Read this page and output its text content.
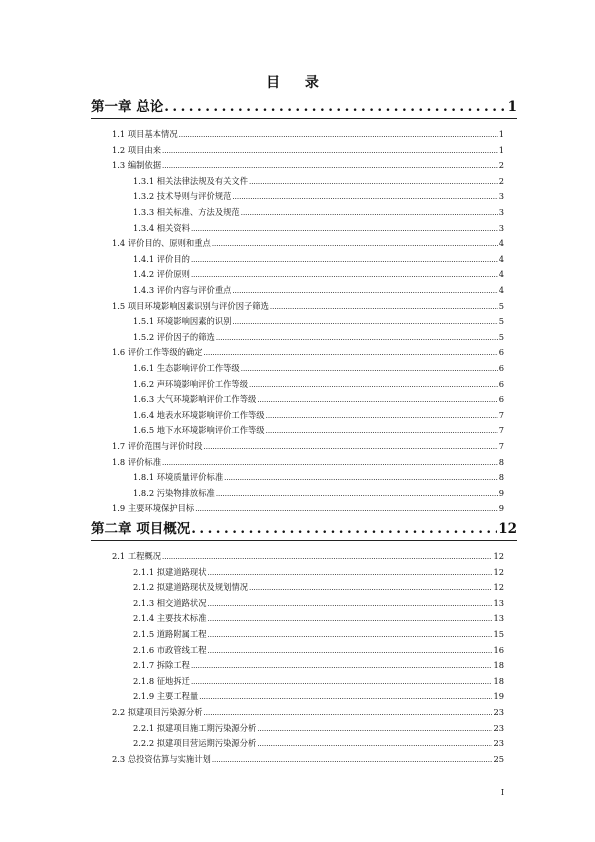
目 录
第一章 总论 .....	1
1.1 项目基本情况 .....	1
1.2 项目由来 .....	1
1.3 编制依据 .....	2
1.3.1 相关法律法规及有关文件 .....	2
1.3.2 技术导则与评价规范 .....	3
1.3.3 相关标准、方法及规范 .....	3
1.3.4 相关资料 .....	3
1.4 评价目的、原则和重点 .....	4
1.4.1 评价目的 .....	4
1.4.2 评价原则 .....	4
1.4.3 评价内容与评价重点 .....	4
1.5 项目环境影响因素识别与评价因子筛选 .....	5
1.5.1 环境影响因素的识别 .....	5
1.5.2 评价因子的筛选 .....	5
1.6 评价工作等级的确定 .....	6
1.6.1 生态影响评价工作等级 .....	6
1.6.2 声环境影响评价工作等级 .....	6
1.6.3 大气环境影响评价工作等级 .....	6
1.6.4 地表水环境影响评价工作等级 .....	7
1.6.5 地下水环境影响评价工作等级 .....	7
1.7 评价范围与评价时段 .....	7
1.8 评价标准 .....	8
1.8.1 环境质量评价标准 .....	8
1.8.2 污染物排放标准 .....	9
1.9 主要环境保护目标 .....	9
第二章 项目概况 .....	12
2.1 工程概况 .....	12
2.1.1 拟建道路现状 .....	12
2.1.2 拟建道路现状及规划情况 .....	12
2.1.3 相交道路状况 .....	13
2.1.4 主要技术标准 .....	13
2.1.5 道路附属工程 .....	15
2.1.6 市政管线工程 .....	16
2.1.7 拆除工程 .....	18
2.1.8 征地拆迁 .....	18
2.1.9 主要工程量 .....	19
2.2 拟建项目污染源分析 .....	23
2.2.1 拟建项目施工期污染源分析 .....	23
2.2.2 拟建项目营运期污染源分析 .....	23
2.3 总投资估算与实施计划 .....	25
I
